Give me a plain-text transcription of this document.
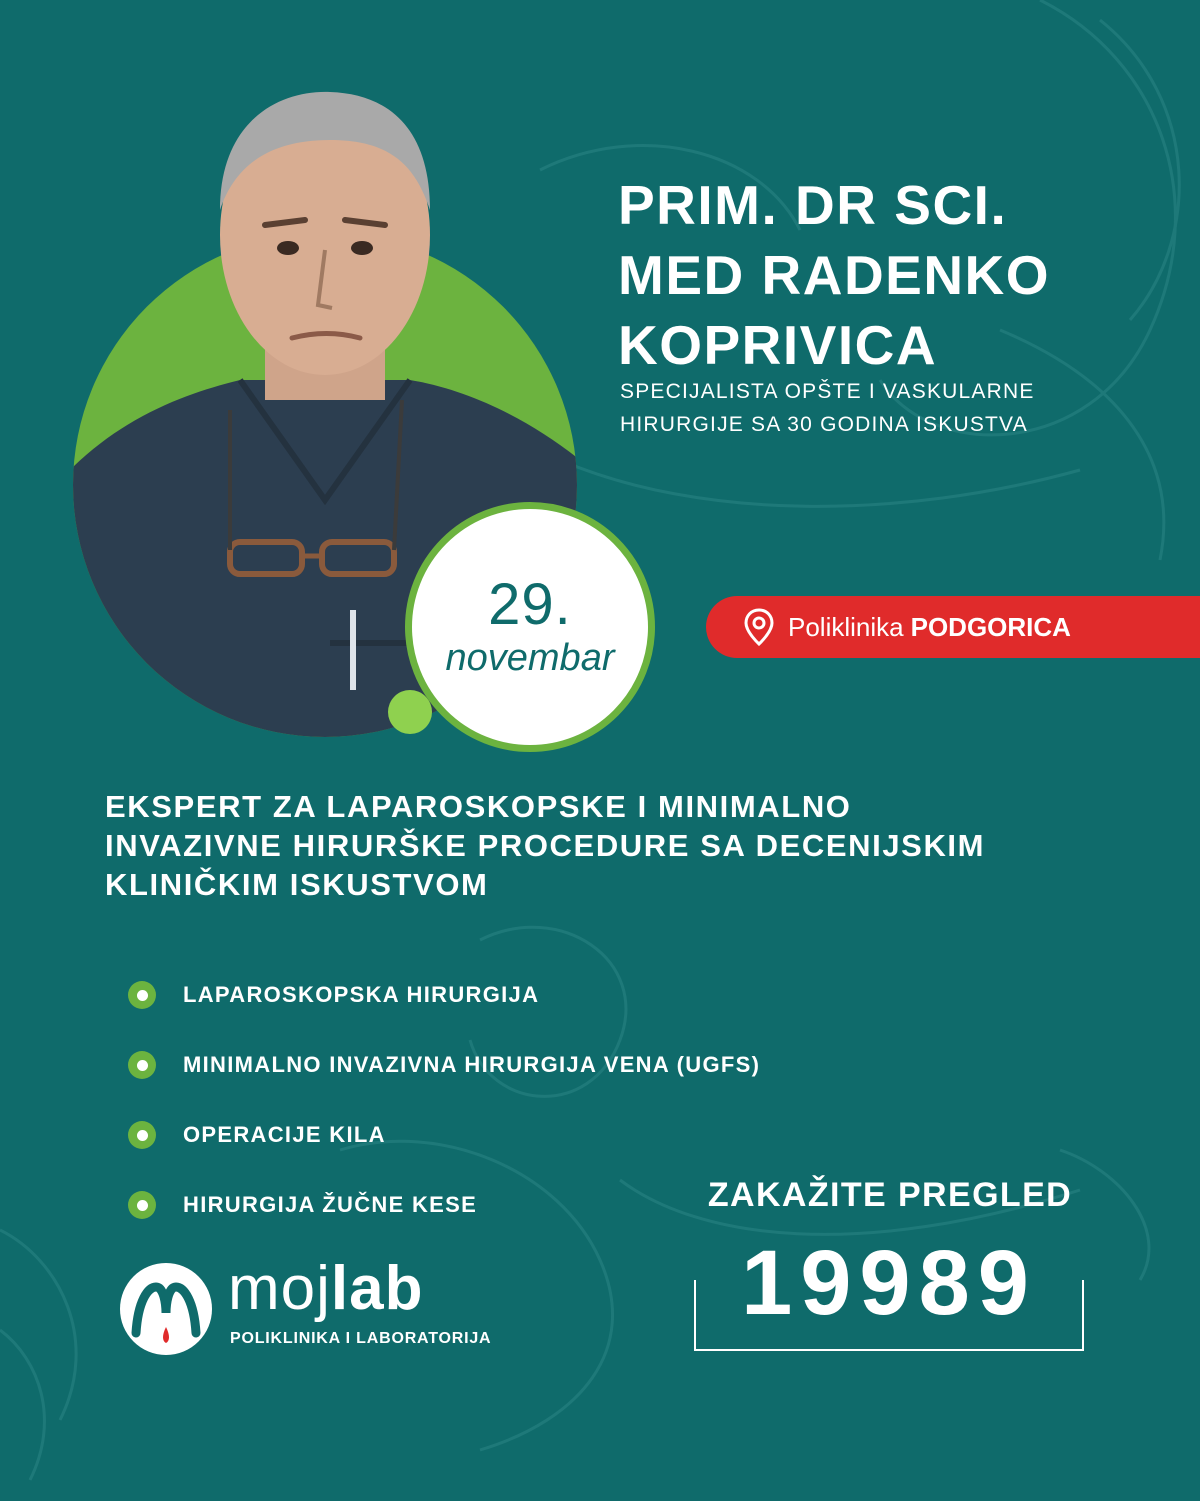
29.
novembar
PRIM. DR SCI.
MED RADENKO
KOPRIVICA
SPECIJALISTA OPŠTE I VASKULARNE
HIRURGIJE SA 30 GODINA ISKUSTVA
Poliklinika PODGORICA
EKSPERT ZA LAPAROSKOPSKE I MINIMALNO
INVAZIVNE HIRURŠKE PROCEDURE SA DECENIJSKIM
KLINIČKIM ISKUSTVOM
LAPAROSKOPSKA HIRURGIJA
MINIMALNO INVAZIVNA HIRURGIJA VENA (UGFS)
OPERACIJE KILA
HIRURGIJA ŽUČNE KESE
mojlab
POLIKLINIKA I LABORATORIJA
ZAKAŽITE PREGLED
19989
